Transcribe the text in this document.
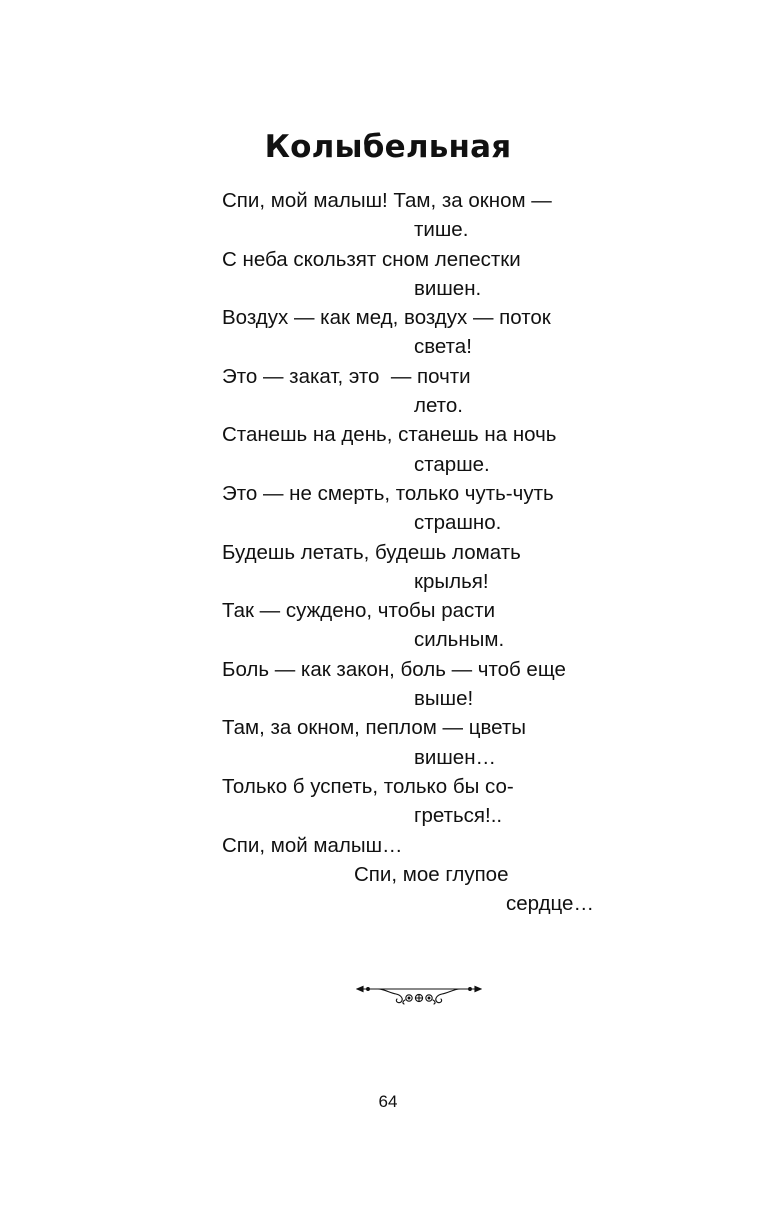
Колыбельная
Спи, мой малыш! Там, за окном —
тише.
С неба скользят сном лепестки
вишен.
Воздух — как мед, воздух — поток
света!
Это — закат, это  — почти
лето.
Станешь на день, станешь на ночь
старше.
Это — не смерть, только чуть-чуть
страшно.
Будешь летать, будешь ломать
крылья!
Так — суждено, чтобы расти
сильным.
Боль — как закон, боль — чтоб еще
выше!
Там, за окном, пеплом — цветы
вишен…
Только б успеть, только бы со-
греться!..
Спи, мой малыш…
Спи, мое глупое
сердце…
64
